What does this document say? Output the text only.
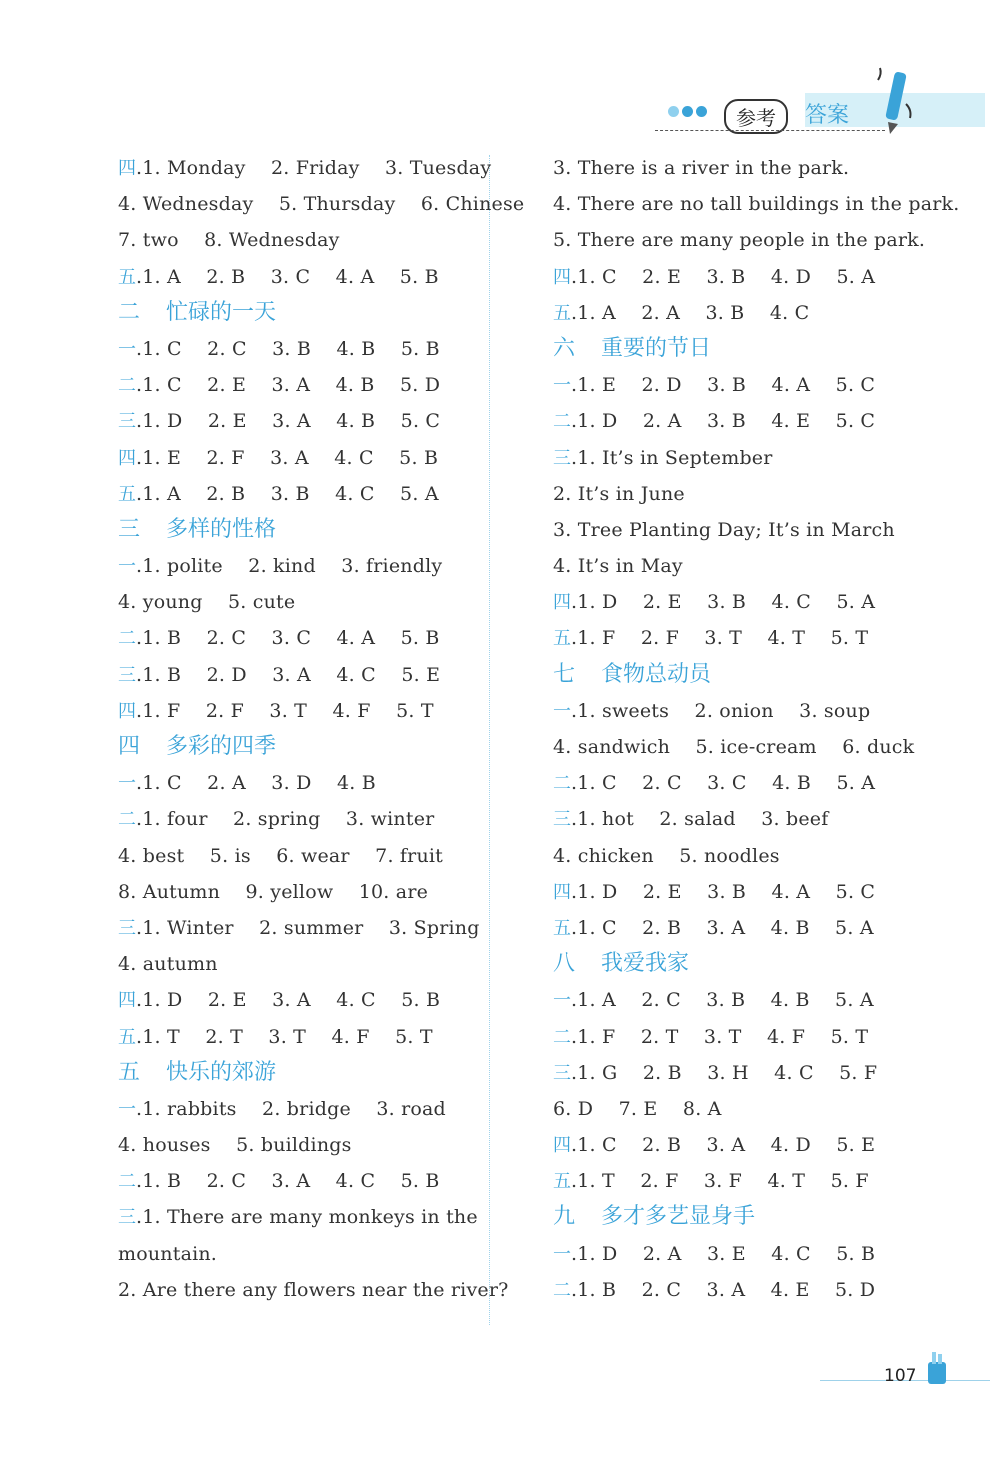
参考	答案
四.1. Monday  2. Friday  3. Tuesday
4. Wednesday  5. Thursday  6. Chinese
7. two  8. Wednesday
五.1. A  2. B  3. C  4. A  5. B
二 忙碌的一天
一.1. C  2. C  3. B  4. B  5. B
二.1. C  2. E  3. A  4. B  5. D
三.1. D  2. E  3. A  4. B  5. C
四.1. E  2. F  3. A  4. C  5. B
五.1. A  2. B  3. B  4. C  5. A
三 多样的性格
一.1. polite  2. kind  3. friendly
4. young  5. cute
二.1. B  2. C  3. C  4. A  5. B
三.1. B  2. D  3. A  4. C  5. E
四.1. F  2. F  3. T  4. F  5. T
四 多彩的四季
一.1. C  2. A  3. D  4. B
二.1. four  2. spring  3. winter
4. best  5. is  6. wear  7. fruit
8. Autumn  9. yellow  10. are
三.1. Winter  2. summer  3. Spring
4. autumn
四.1. D  2. E  3. A  4. C  5. B
五.1. T  2. T  3. T  4. F  5. T
五 快乐的郊游
一.1. rabbits  2. bridge  3. road
4. houses  5. buildings
二.1. B  2. C  3. A  4. C  5. B
三.1. There are many monkeys in the
mountain.
2. Are there any flowers near the river?
3. There is a river in the park.
4. There are no tall buildings in the park.
5. There are many people in the park.
四.1. C  2. E  3. B  4. D  5. A
五.1. A  2. A  3. B  4. C
六 重要的节日
一.1. E  2. D  3. B  4. A  5. C
二.1. D  2. A  3. B  4. E  5. C
三.1. It’s in September
2. It’s in June
3. Tree Planting Day; It’s in March
4. It’s in May
四.1. D  2. E  3. B  4. C  5. A
五.1. F  2. F  3. T  4. T  5. T
七 食物总动员
一.1. sweets  2. onion  3. soup
4. sandwich  5. ice-cream  6. duck
二.1. C  2. C  3. C  4. B  5. A
三.1. hot  2. salad  3. beef
4. chicken  5. noodles
四.1. D  2. E  3. B  4. A  5. C
五.1. C  2. B  3. A  4. B  5. A
八 我爱我家
一.1. A  2. C  3. B  4. B  5. A
二.1. F  2. T  3. T  4. F  5. T
三.1. G  2. B  3. H  4. C  5. F
6. D  7. E  8. A
四.1. C  2. B  3. A  4. D  5. E
五.1. T  2. F  3. F  4. T  5. F
九 多才多艺显身手
一.1. D  2. A  3. E  4. C  5. B
二.1. B  2. C  3. A  4. E  5. D
107
